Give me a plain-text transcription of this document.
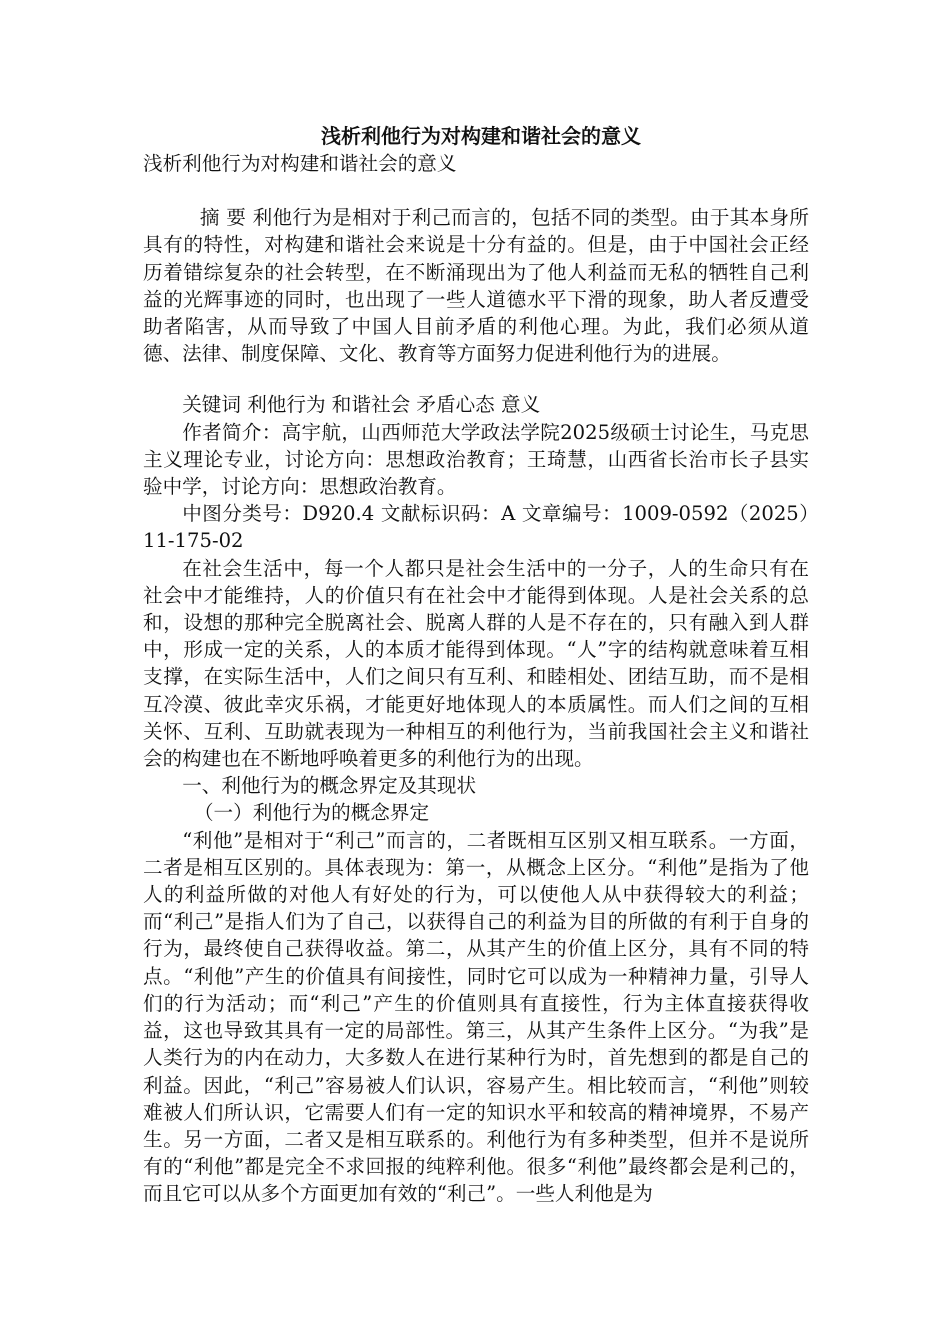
浅析利他行为对构建和谐社会的意义

浅析利他行为对构建和谐社会的意义

摘 要 利他行为是相对于利己而言的，包括不同的类型。由于其本身所具有的特性，对构建和谐社会来说是十分有益的。但是，由于中国社会正经历着错综复杂的社会转型，在不断涌现出为了他人利益而无私的牺牲自己利益的光辉事迹的同时，也出现了一些人道德水平下滑的现象，助人者反遭受助者陷害，从而导致了中国人目前矛盾的利他心理。为此，我们必须从道德、法律、制度保障、文化、教育等方面努力促进利他行为的进展。

关键词 利他行为 和谐社会 矛盾心态 意义

作者简介：高宇航，山西师范大学政法学院2025级硕士讨论生，马克思主义理论专业，讨论方向：思想政治教育；王琦慧，山西省长治市长子县实验中学，讨论方向：思想政治教育。

中图分类号：D920.4 文献标识码：A 文章编号：1009-0592（2025）11-175-02

在社会生活中，每一个人都只是社会生活中的一分子，人的生命只有在社会中才能维持，人的价值只有在社会中才能得到体现。人是社会关系的总和，设想的那种完全脱离社会、脱离人群的人是不存在的，只有融入到人群中，形成一定的关系，人的本质才能得到体现。“人”字的结构就意味着互相支撑，在实际生活中，人们之间只有互利、和睦相处、团结互助，而不是相互冷漠、彼此幸灾乐祸，才能更好地体现人的本质属性。而人们之间的互相关怀、互利、互助就表现为一种相互的利他行为，当前我国社会主义和谐社会的构建也在不断地呼唤着更多的利他行为的出现。

一、利他行为的概念界定及其现状

（一）利他行为的概念界定

“利他”是相对于“利己”而言的，二者既相互区别又相互联系。一方面，二者是相互区别的。具体表现为：第一，从概念上区分。“利他”是指为了他人的利益所做的对他人有好处的行为，可以使他人从中获得较大的利益；而“利己”是指人们为了自己，以获得自己的利益为目的所做的有利于自身的行为，最终使自己获得收益。第二，从其产生的价值上区分，具有不同的特点。“利他”产生的价值具有间接性，同时它可以成为一种精神力量，引导人们的行为活动；而“利己”产生的价值则具有直接性，行为主体直接获得收益，这也导致其具有一定的局部性。第三，从其产生条件上区分。“为我”是人类行为的内在动力，大多数人在进行某种行为时，首先想到的都是自己的利益。因此，“利己”容易被人们认识，容易产生。相比较而言，“利他”则较难被人们所认识，它需要人们有一定的知识水平和较高的精神境界，不易产生。另一方面，二者又是相互联系的。利他行为有多种类型，但并不是说所有的“利他”都是完全不求回报的纯粹利他。很多“利他”最终都会是利己的，而且它可以从多个方面更加有效的“利己”。一些人利他是为
